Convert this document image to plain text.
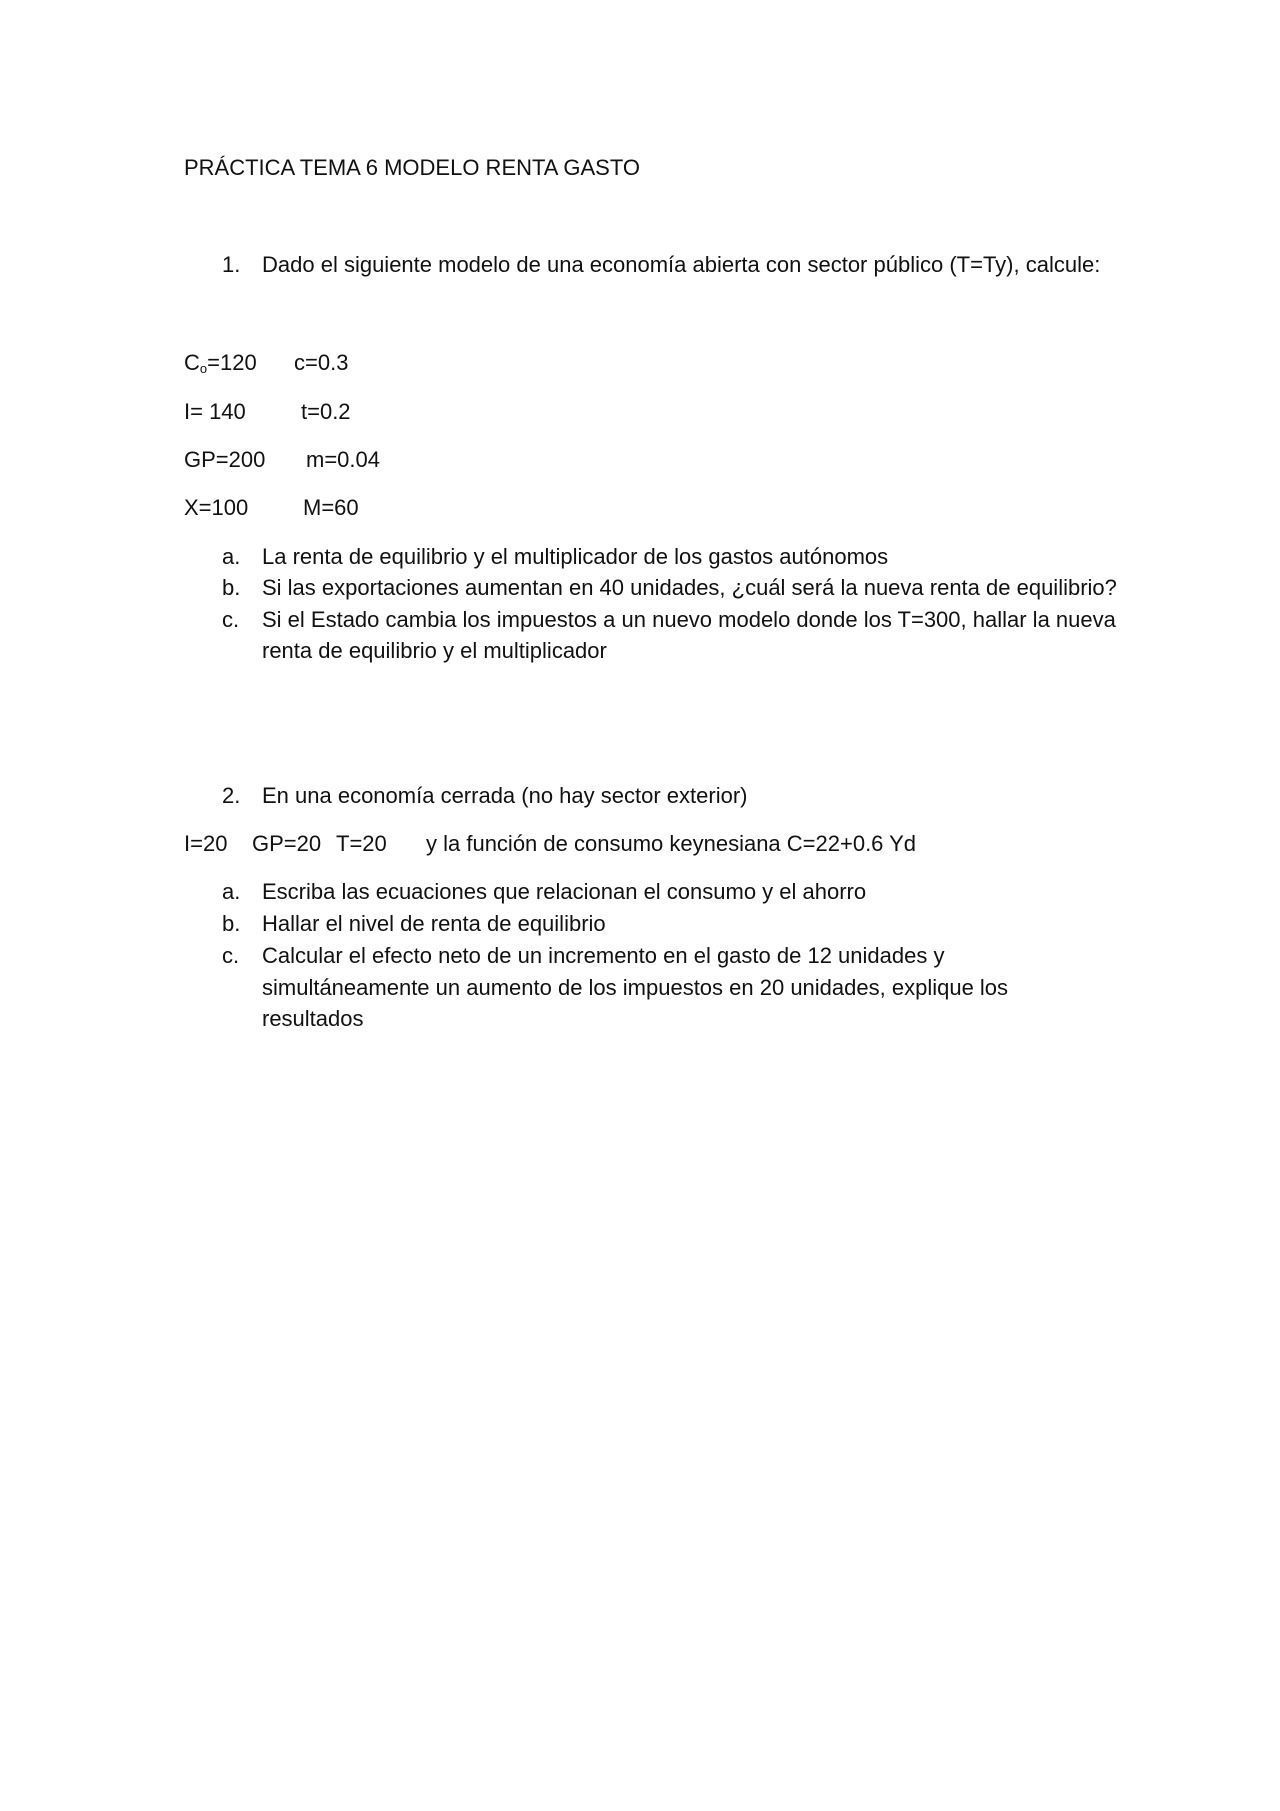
PRÁCTICA TEMA 6 MODELO RENTA GASTO
1. Dado el siguiente modelo de una economía abierta con sector público (T=Ty), calcule:
$C_o=120$ c=0.3
I= 140	t=0.2
GP=200 m=0.04
X=100 M=60
a. La renta de equilibrio y el multiplicador de los gastos autónomos
b. Si las exportaciones aumentan en 40 unidades, ¿cuál será la nueva renta de equilibrio?
c. Si el Estado cambia los impuestos a un nuevo modelo donde los T=300, hallar la nueva
renta de equilibrio y el multiplicador
2. En una economía cerrada (no hay sector exterior)
I=20 GP=20 T=20 y la función de consumo keynesiana C=22+0.6 Yd
a. Escriba las ecuaciones que relacionan el consumo y el ahorro
b. Hallar el nivel de renta de equilibrio
c. Calcular el efecto neto de un incremento en el gasto de 12 unidades y
simultáneamente un aumento de los impuestos en 20 unidades, explique los
resultados
